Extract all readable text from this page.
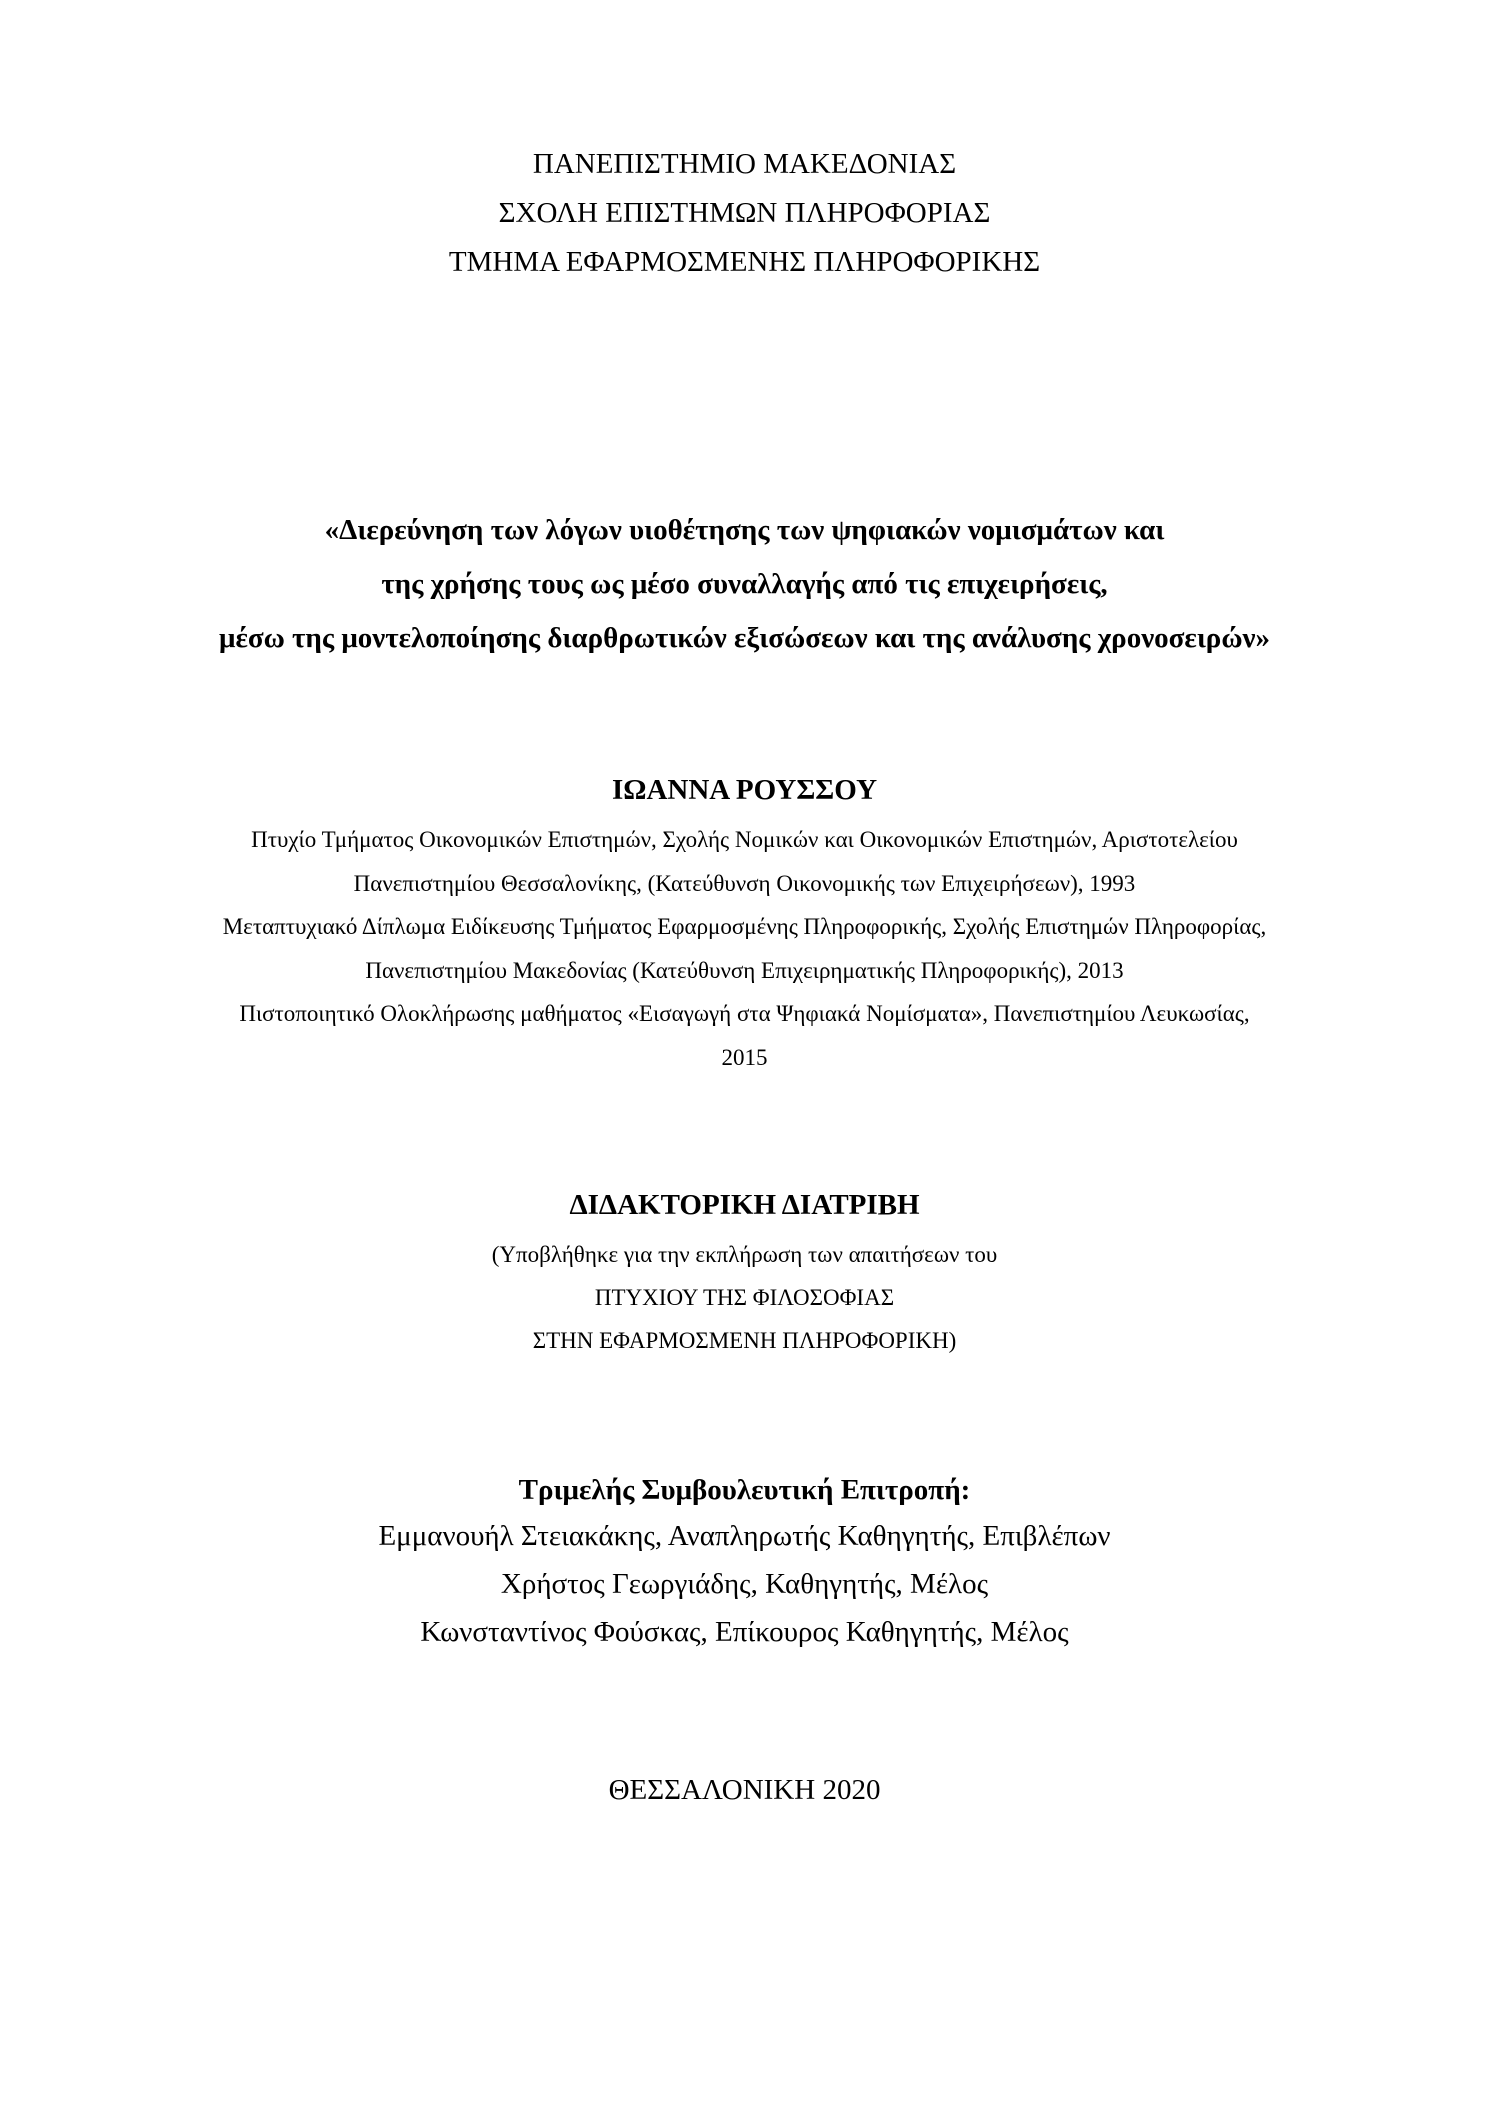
ΠΑΝΕΠΙΣΤΗΜΙΟ ΜΑΚΕΔΟΝΙΑΣ
ΣΧΟΛΗ ΕΠΙΣΤΗΜΩΝ ΠΛΗΡΟΦΟΡΙΑΣ
ΤΜΗΜΑ ΕΦΑΡΜΟΣΜΕΝΗΣ ΠΛΗΡΟΦΟΡΙΚΗΣ
«Διερεύνηση των λόγων υιοθέτησης των ψηφιακών νομισμάτων και
της χρήσης τους ως μέσο συναλλαγής από τις επιχειρήσεις,
μέσω της μοντελοποίησης διαρθρωτικών εξισώσεων και της ανάλυσης χρονοσειρών»
ΙΩΑΝΝΑ ΡΟΥΣΣΟΥ
Πτυχίο Τμήματος Οικονομικών Επιστημών, Σχολής Νομικών και Οικονομικών Επιστημών, Αριστοτελείου
Πανεπιστημίου Θεσσαλονίκης, (Κατεύθυνση Οικονομικής των Επιχειρήσεων), 1993
Μεταπτυχιακό Δίπλωμα Ειδίκευσης Τμήματος Εφαρμοσμένης Πληροφορικής, Σχολής Επιστημών Πληροφορίας,
Πανεπιστημίου Μακεδονίας (Κατεύθυνση Επιχειρηματικής Πληροφορικής), 2013
Πιστοποιητικό Ολοκλήρωσης μαθήματος «Εισαγωγή στα Ψηφιακά Νομίσματα», Πανεπιστημίου Λευκωσίας,
2015
ΔΙΔΑΚΤΟΡΙΚΗ ΔΙΑΤΡΙΒΗ
(Υποβλήθηκε για την εκπλήρωση των απαιτήσεων του
ΠΤΥΧΙΟΥ ΤΗΣ ΦΙΛΟΣΟΦΙΑΣ
ΣΤΗΝ ΕΦΑΡΜΟΣΜΕΝΗ ΠΛΗΡΟΦΟΡΙΚΗ)
Τριμελής Συμβουλευτική Επιτροπή:
Εμμανουήλ Στειακάκης, Αναπληρωτής Καθηγητής, Επιβλέπων
Χρήστος Γεωργιάδης, Καθηγητής, Μέλος
Κωνσταντίνος Φούσκας, Επίκουρος Καθηγητής, Μέλος
ΘΕΣΣΑΛΟΝΙΚΗ 2020
